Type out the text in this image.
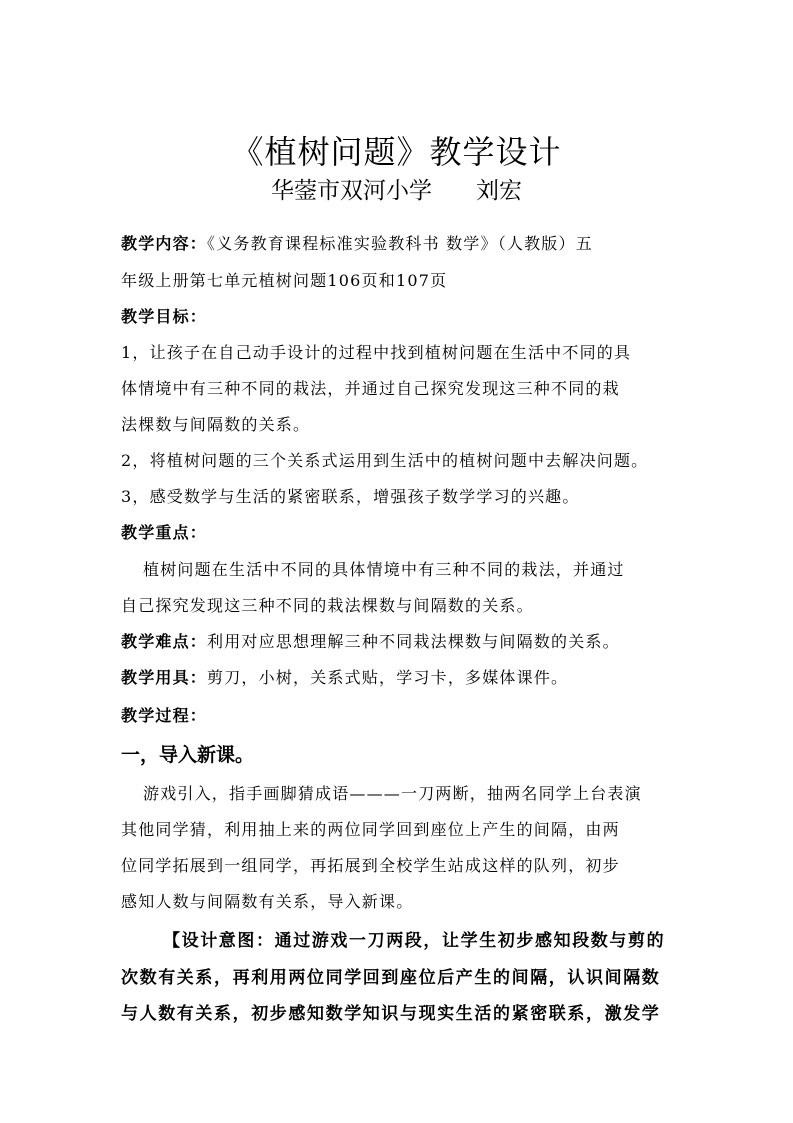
《植树问题》教学设计
华蓥市双河小学 刘宏
教学内容：《义务教育课程标准实验教科书 数学》（人教版）五
年级上册第七单元植树问题106页和107页
教学目标：
1，让孩子在自己动手设计的过程中找到植树问题在生活中不同的具
体情境中有三种不同的栽法，并通过自己探究发现这三种不同的栽
法棵数与间隔数的关系。
2，将植树问题的三个关系式运用到生活中的植树问题中去解决问题。
3，感受数学与生活的紧密联系，增强孩子数学学习的兴趣。
教学重点：
植树问题在生活中不同的具体情境中有三种不同的栽法，并通过
自己探究发现这三种不同的栽法棵数与间隔数的关系。
教学难点：利用对应思想理解三种不同栽法棵数与间隔数的关系。
教学用具：剪刀，小树，关系式贴，学习卡，多媒体课件。
教学过程：
一，导入新课。
游戏引入，指手画脚猜成语———一刀两断，抽两名同学上台表演
其他同学猜，利用抽上来的两位同学回到座位上产生的间隔，由两
位同学拓展到一组同学，再拓展到全校学生站成这样的队列，初步
感知人数与间隔数有关系，导入新课。
【设计意图：通过游戏一刀两段，让学生初步感知段数与剪的
次数有关系，再利用两位同学回到座位后产生的间隔，认识间隔数
与人数有关系，初步感知数学知识与现实生活的紧密联系，激发学
